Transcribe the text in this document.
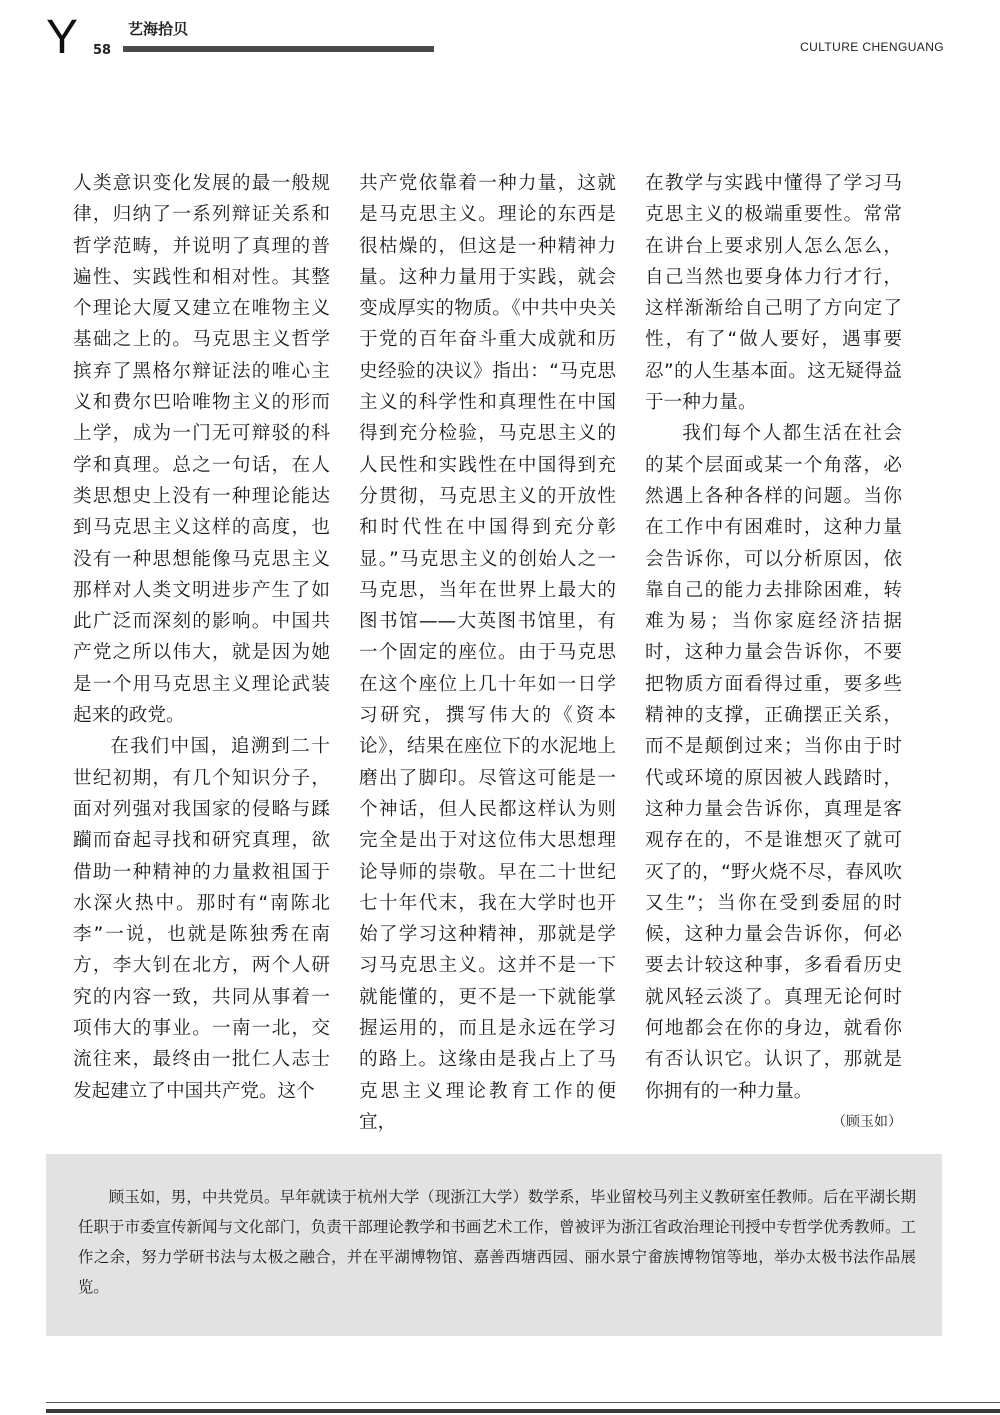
Y 58
艺海拾贝
CULTURE CHENGUANG

人类意识变化发展的最一般规律，归纳了一系列辩证关系和哲学范畴，并说明了真理的普遍性、实践性和相对性。其整个理论大厦又建立在唯物主义基础之上的。马克思主义哲学摈弃了黑格尔辩证法的唯心主义和费尔巴哈唯物主义的形而上学，成为一门无可辩驳的科学和真理。总之一句话，在人类思想史上没有一种理论能达到马克思主义这样的高度，也没有一种思想能像马克思主义那样对人类文明进步产生了如此广泛而深刻的影响。中国共产党之所以伟大，就是因为她是一个用马克思主义理论武装起来的政党。

在我们中国，追溯到二十世纪初期，有几个知识分子，面对列强对我国家的侵略与蹂躏而奋起寻找和研究真理，欲借助一种精神的力量救祖国于水深火热中。那时有“南陈北李”一说，也就是陈独秀在南方，李大钊在北方，两个人研究的内容一致，共同从事着一项伟大的事业。一南一北，交流往来，最终由一批仁人志士发起建立了中国共产党。这个

共产党依靠着一种力量，这就是马克思主义。理论的东西是很枯燥的，但这是一种精神力量。这种力量用于实践，就会变成厚实的物质。《中共中央关于党的百年奋斗重大成就和历史经验的决议》指出：“马克思主义的科学性和真理性在中国得到充分检验，马克思主义的人民性和实践性在中国得到充分贯彻，马克思主义的开放性和时代性在中国得到充分彰显。”马克思主义的创始人之一马克思，当年在世界上最大的图书馆——大英图书馆里，有一个固定的座位。由于马克思在这个座位上几十年如一日学习研究，撰写伟大的《资本论》，结果在座位下的水泥地上磨出了脚印。尽管这可能是一个神话，但人民都这样认为则完全是出于对这位伟大思想理论导师的崇敬。早在二十世纪七十年代末，我在大学时也开始了学习这种精神，那就是学习马克思主义。这并不是一下就能懂的，更不是一下就能掌握运用的，而且是永远在学习的路上。这缘由是我占上了马克思主义理论教育工作的便宜，

在教学与实践中懂得了学习马克思主义的极端重要性。常常在讲台上要求别人怎么怎么，自己当然也要身体力行才行，这样渐渐给自己明了方向定了性，有了“做人要好，遇事要忍”的人生基本面。这无疑得益于一种力量。

我们每个人都生活在社会的某个层面或某一个角落，必然遇上各种各样的问题。当你在工作中有困难时，这种力量会告诉你，可以分析原因，依靠自己的能力去排除困难，转难为易；当你家庭经济拮据时，这种力量会告诉你，不要把物质方面看得过重，要多些精神的支撑，正确摆正关系，而不是颠倒过来；当你由于时代或环境的原因被人践踏时，这种力量会告诉你，真理是客观存在的，不是谁想灭了就可灭了的，“野火烧不尽，春风吹又生”；当你在受到委屈的时候，这种力量会告诉你，何必要去计较这种事，多看看历史就风轻云淡了。真理无论何时何地都会在你的身边，就看你有否认识它。认识了，那就是你拥有的一种力量。
（顾玉如）

顾玉如，男，中共党员。早年就读于杭州大学（现浙江大学）数学系，毕业留校马列主义教研室任教师。后在平湖长期任职于市委宣传新闻与文化部门，负责干部理论教学和书画艺术工作，曾被评为浙江省政治理论刊授中专哲学优秀教师。工作之余，努力学研书法与太极之融合，并在平湖博物馆、嘉善西塘西园、丽水景宁畲族博物馆等地，举办太极书法作品展览。
